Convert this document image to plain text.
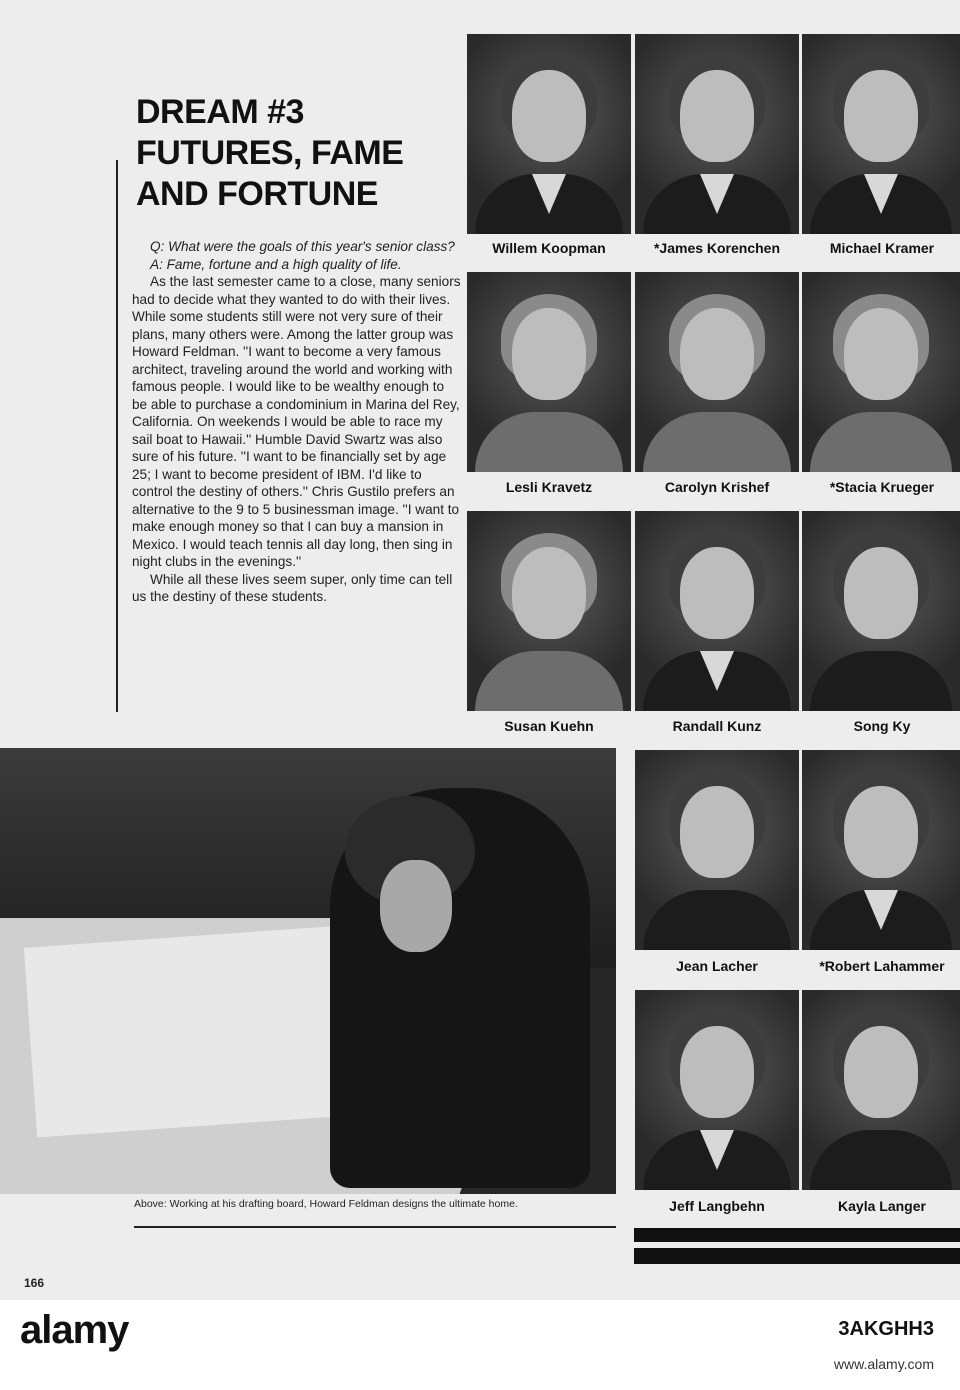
DREAM #3
FUTURES, FAME
AND FORTUNE

Q: What were the goals of this year's senior class?

A: Fame, fortune and a high quality of life.

As the last semester came to a close, many seniors had to decide what they wanted to do with their lives. While some students still were not very sure of their plans, many others were. Among the latter group was Howard Feldman. ''I want to become a very famous architect, traveling around the world and working with famous people. I would like to be wealthy enough to be able to purchase a condominium in Marina del Rey, California. On weekends I would be able to race my sail boat to Hawaii.'' Humble David Swartz was also sure of his future. ''I want to be financially set by age 25; I want to become president of IBM. I'd like to control the destiny of others.'' Chris Gustilo prefers an alternative to the 9 to 5 businessman image. ''I want to make enough money so that I can buy a mansion in Mexico. I would teach tennis all day long, then sing in night clubs in the evenings.''

While all these lives seem super, only time can tell us the destiny of these students.

Willem Koopman	*James Korenchen	Michael Kramer
Lesli Kravetz	Carolyn Krishef	*Stacia Krueger
Susan Kuehn	Randall Kunz	Song Ky
Jean Lacher	*Robert Lahammer
Jeff Langbehn	Kayla Langer
Above: Working at his drafting board, Howard Feldman designs the ultimate home.
166
alamy	3AKGHH3
www.alamy.com
